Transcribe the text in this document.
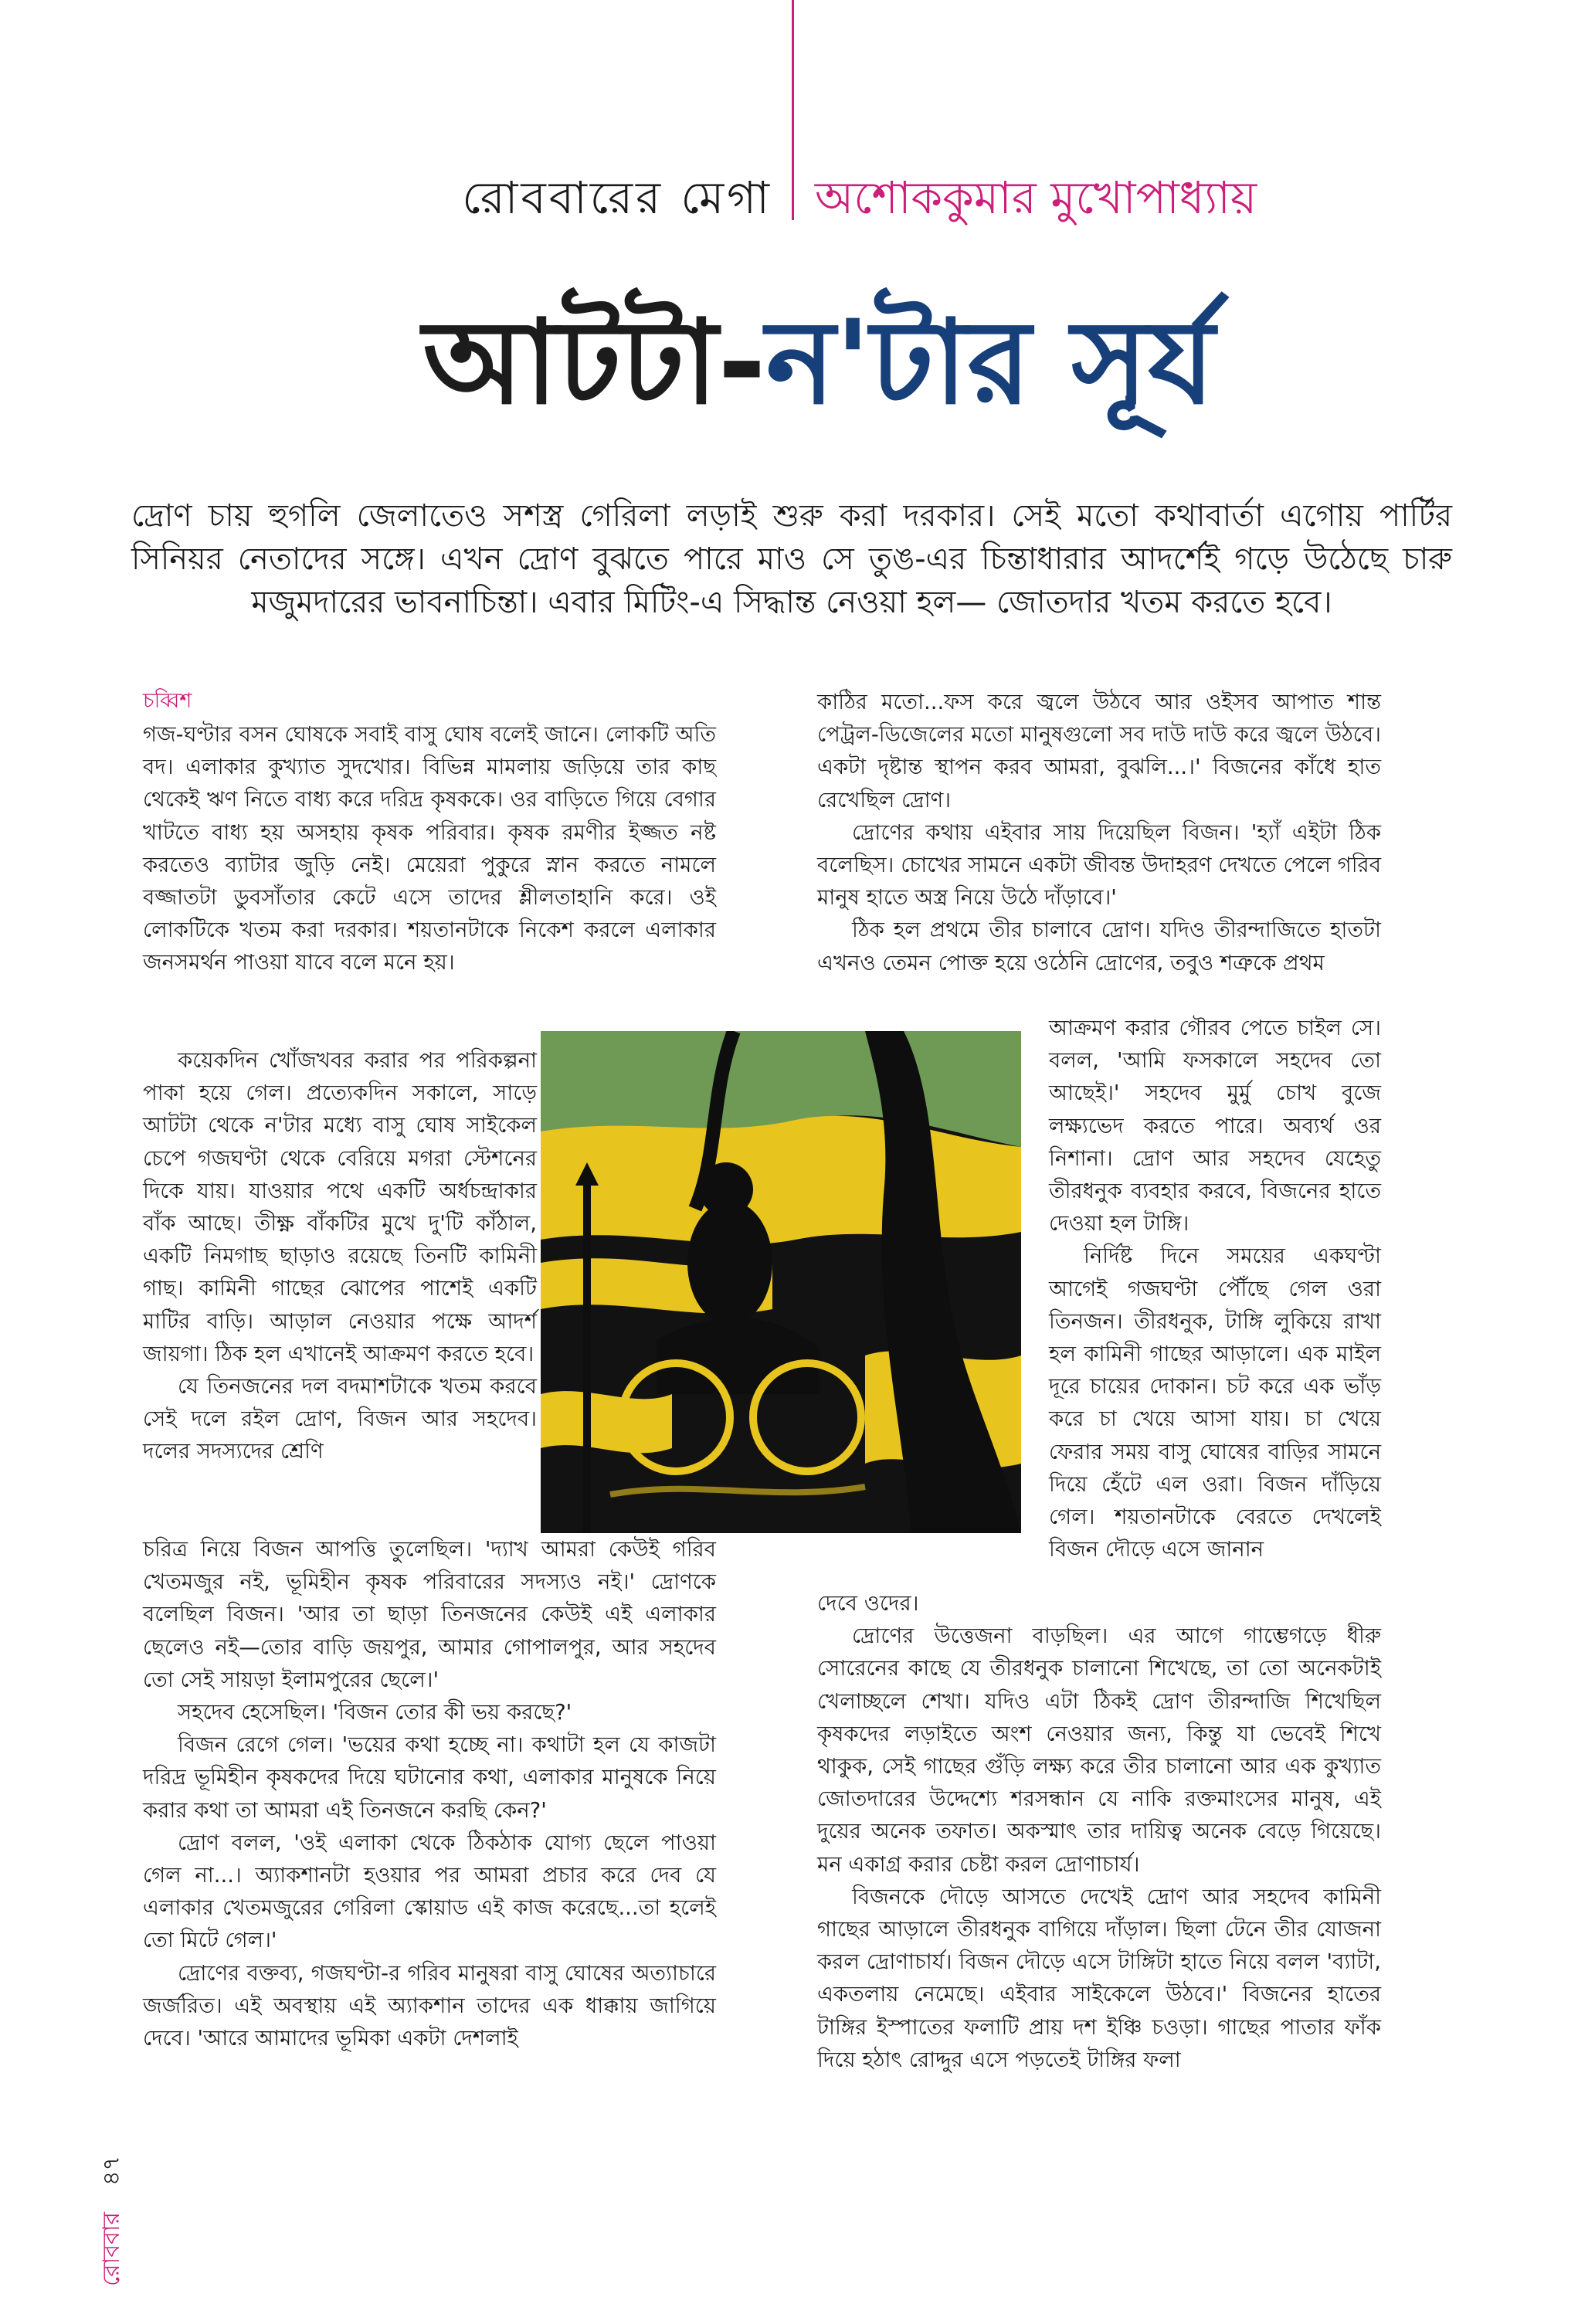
রোববারের মেগা অশোককুমার মুখোপাধ্যায়
আটটা-ন'টার সূর্য
দ্রোণ চায় হুগলি জেলাতেও সশস্ত্র গেরিলা লড়াই শুরু করা দরকার। সেই মতো কথাবার্তা এগোয় পার্টির সিনিয়র নেতাদের সঙ্গে। এখন দ্রোণ বুঝতে পারে মাও সে তুঙ-এর চিন্তাধারার আদর্শেই গড়ে উঠেছে চারু মজুমদারের ভাবনাচিন্তা। এবার মিটিং-এ সিদ্ধান্ত নেওয়া হল— জোতদার খতম করতে হবে।
চব্বিশ

গজ-ঘণ্টার বসন ঘোষকে সবাই বাসু ঘোষ বলেই জানে। লোকটি অতি বদ। এলাকার কুখ্যাত সুদখোর। বিভিন্ন মামলায় জড়িয়ে তার কাছ থেকেই ঋণ নিতে বাধ্য করে দরিদ্র কৃষককে। ওর বাড়িতে গিয়ে বেগার খাটতে বাধ্য হয় অসহায় কৃষক পরিবার। কৃষক রমণীর ইজ্জত নষ্ট করতেও ব্যাটার জুড়ি নেই। মেয়েরা পুকুরে স্নান করতে নামলে বজ্জাতটা ডুবসাঁতার কেটে এসে তাদের শ্লীলতাহানি করে। ওই লোকটিকে খতম করা দরকার। শয়তানটাকে নিকেশ করলে এলাকার জনসমর্থন পাওয়া যাবে বলে মনে হয়।

কয়েকদিন খোঁজখবর করার পর পরিকল্পনা পাকা হয়ে গেল। প্রত্যেকদিন সকালে, সাড়ে আটটা থেকে ন'টার মধ্যে বাসু ঘোষ সাইকেল চেপে গজঘণ্টা থেকে বেরিয়ে মগরা স্টেশনের দিকে যায়। যাওয়ার পথে একটি অর্ধচন্দ্রাকার বাঁক আছে। তীক্ষ্ণ বাঁকটির মুখে দু'টি কাঁঠাল, একটি নিমগাছ ছাড়াও রয়েছে তিনটি কামিনী গাছ। কামিনী গাছের ঝোপের পাশেই একটি মাটির বাড়ি। আড়াল নেওয়ার পক্ষে আদর্শ জায়গা। ঠিক হল এখানেই আক্রমণ করতে হবে।

যে তিনজনের দল বদমাশটাকে খতম করবে সেই দলে রইল দ্রোণ, বিজন আর সহদেব। দলের সদস্যদের শ্রেণি

চরিত্র নিয়ে বিজন আপত্তি তুলেছিল। 'দ্যাখ আমরা কেউই গরিব খেতমজুর নই, ভূমিহীন কৃষক পরিবারের সদস্যও নই।' দ্রোণকে বলেছিল বিজন। 'আর তা ছাড়া তিনজনের কেউই এই এলাকার ছেলেও নই—তোর বাড়ি জয়পুর, আমার গোপালপুর, আর সহদেব তো সেই সায়ড়া ইলামপুরের ছেলে।'

সহদেব হেসেছিল। 'বিজন তোর কী ভয় করছে?'

বিজন রেগে গেল। 'ভয়ের কথা হচ্ছে না। কথাটা হল যে কাজটা দরিদ্র ভূমিহীন কৃষকদের দিয়ে ঘটানোর কথা, এলাকার মানুষকে নিয়ে করার কথা তা আমরা এই তিনজনে করছি কেন?'

দ্রোণ বলল, 'ওই এলাকা থেকে ঠিকঠাক যোগ্য ছেলে পাওয়া গেল না...। অ্যাকশানটা হওয়ার পর আমরা প্রচার করে দেব যে এলাকার খেতমজুরের গেরিলা স্কোয়াড এই কাজ করেছে...তা হলেই তো মিটে গেল।'

দ্রোণের বক্তব্য, গজঘণ্টা-র গরিব মানুষরা বাসু ঘোষের অত্যাচারে জর্জরিত। এই অবস্থায় এই অ্যাকশান তাদের এক ধাক্কায় জাগিয়ে দেবে। 'আরে আমাদের ভূমিকা একটা দেশলাই

কাঠির মতো...ফস করে জ্বলে উঠবে আর ওইসব আপাত শান্ত পেট্রল-ডিজেলের মতো মানুষগুলো সব দাউ দাউ করে জ্বলে উঠবে। একটা দৃষ্টান্ত স্থাপন করব আমরা, বুঝলি...।' বিজনের কাঁধে হাত রেখেছিল দ্রোণ।

দ্রোণের কথায় এইবার সায় দিয়েছিল বিজন। 'হ্যাঁ এইটা ঠিক বলেছিস। চোখের সামনে একটা জীবন্ত উদাহরণ দেখতে পেলে গরিব মানুষ হাতে অস্ত্র নিয়ে উঠে দাঁড়াবে।'

ঠিক হল প্রথমে তীর চালাবে দ্রোণ। যদিও তীরন্দাজিতে হাতটা এখনও তেমন পোক্ত হয়ে ওঠেনি দ্রোণের, তবুও শত্রুকে প্রথম

আক্রমণ করার গৌরব পেতে চাইল সে। বলল, 'আমি ফসকালে সহদেব তো আছেই।' সহদেব মুর্মু চোখ বুজে লক্ষ্যভেদ করতে পারে। অব্যর্থ ওর নিশানা। দ্রোণ আর সহদেব যেহেতু তীরধনুক ব্যবহার করবে, বিজনের হাতে দেওয়া হল টাঙ্গি।

নির্দিষ্ট দিনে সময়ের একঘণ্টা আগেই গজঘণ্টা পৌঁছে গেল ওরা তিনজন। তীরধনুক, টাঙ্গি লুকিয়ে রাখা হল কামিনী গাছের আড়ালে। এক মাইল দূরে চায়ের দোকান। চট করে এক ভাঁড় করে চা খেয়ে আসা যায়। চা খেয়ে ফেরার সময় বাসু ঘোষের বাড়ির সামনে দিয়ে হেঁটে এল ওরা। বিজন দাঁড়িয়ে গেল। শয়তানটাকে বেরতে দেখলেই বিজন দৌড়ে এসে জানান

দেবে ওদের।

দ্রোণের উত্তেজনা বাড়ছিল। এর আগে গাম্ভেগড়ে ধীরু সোরেনের কাছে যে তীরধনুক চালানো শিখেছে, তা তো অনেকটাই খেলাচ্ছলে শেখা। যদিও এটা ঠিকই দ্রোণ তীরন্দাজি শিখেছিল কৃষকদের লড়াইতে অংশ নেওয়ার জন্য, কিন্তু যা ভেবেই শিখে থাকুক, সেই গাছের গুঁড়ি লক্ষ্য করে তীর চালানো আর এক কুখ্যাত জোতদারের উদ্দেশ্যে শরসন্ধান যে নাকি রক্তমাংসের মানুষ, এই দুয়ের অনেক তফাত। অকস্মাৎ তার দায়িত্ব অনেক বেড়ে গিয়েছে। মন একাগ্র করার চেষ্টা করল দ্রোণাচার্য।

বিজনকে দৌড়ে আসতে দেখেই দ্রোণ আর সহদেব কামিনী গাছের আড়ালে তীরধনুক বাগিয়ে দাঁড়াল। ছিলা টেনে তীর যোজনা করল দ্রোণাচার্য। বিজন দৌড়ে এসে টাঙ্গিটা হাতে নিয়ে বলল 'ব্যাটা, একতলায় নেমেছে। এইবার সাইকেলে উঠবে।' বিজনের হাতের টাঙ্গির ইস্পাতের ফলাটি প্রায় দশ ইঞ্চি চওড়া। গাছের পাতার ফাঁক দিয়ে হঠাৎ রোদ্দুর এসে পড়তেই টাঙ্গির ফলা

রোববার
৪৭
